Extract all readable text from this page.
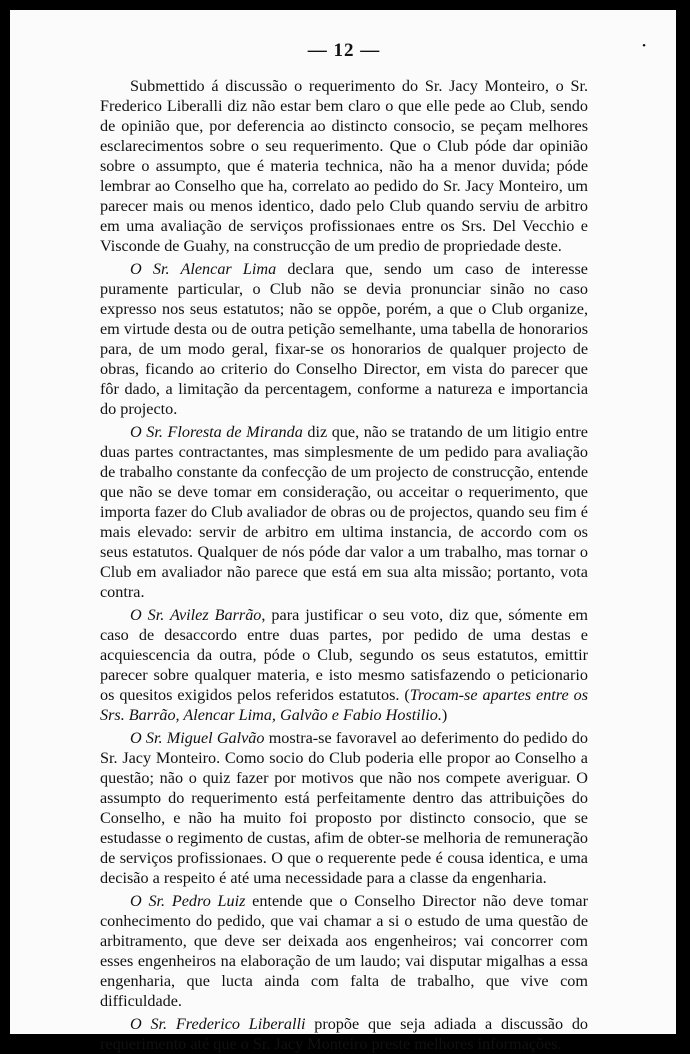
— 12 —	•

Submettido á discussão o requerimento do Sr. Jacy Monteiro, o Sr. Frederico Liberalli diz não estar bem claro o que elle pede ao Club, sendo de opinião que, por deferencia ao distincto consocio, se peçam melhores esclarecimentos sobre o seu requerimento. Que o Club póde dar opinião sobre o assumpto, que é materia technica, não ha a menor duvida; póde lembrar ao Conselho que ha, correlato ao pedido do Sr. Jacy Monteiro, um parecer mais ou menos identico, dado pelo Club quando serviu de arbitro em uma avaliação de serviços profissionaes entre os Srs. Del Vecchio e Visconde de Guahy, na construcção de um predio de propriedade deste.

O Sr. Alencar Lima declara que, sendo um caso de interesse puramente particular, o Club não se devia pronunciar sinão no caso expresso nos seus estatutos; não se oppõe, porém, a que o Club organize, em virtude desta ou de outra petição semelhante, uma tabella de honorarios para, de um modo geral, fixar-se os honorarios de qualquer projecto de obras, ficando ao criterio do Conselho Director, em vista do parecer que fôr dado, a limitação da percentagem, conforme a natureza e importancia do projecto.

O Sr. Floresta de Miranda diz que, não se tratando de um litigio entre duas partes contractantes, mas simplesmente de um pedido para avaliação de trabalho constante da confecção de um projecto de construcção, entende que não se deve tomar em consideração, ou acceitar o requerimento, que importa fazer do Club avaliador de obras ou de projectos, quando seu fim é mais elevado: servir de arbitro em ultima instancia, de accordo com os seus estatutos. Qualquer de nós póde dar valor a um trabalho, mas tornar o Club em avaliador não parece que está em sua alta missão; portanto, vota contra.

O Sr. Avilez Barrão, para justificar o seu voto, diz que, sómente em caso de desaccordo entre duas partes, por pedido de uma destas e acquiescencia da outra, póde o Club, segundo os seus estatutos, emittir parecer sobre qualquer materia, e isto mesmo satisfazendo o peticionario os quesitos exigidos pelos referidos estatutos. (Trocam-se apartes entre os Srs. Barrão, Alencar Lima, Galvão e Fabio Hostilio.)

O Sr. Miguel Galvão mostra-se favoravel ao deferimento do pedido do Sr. Jacy Monteiro. Como socio do Club poderia elle propor ao Conselho a questão; não o quiz fazer por motivos que não nos compete averiguar. O assumpto do requerimento está perfeitamente dentro das attribuições do Conselho, e não ha muito foi proposto por distincto consocio, que se estudasse o regimento de custas, afim de obter-se melhoria de remuneração de serviços profissionaes. O que o requerente pede é cousa identica, e uma decisão a respeito é até uma necessidade para a classe da engenharia.

O Sr. Pedro Luiz entende que o Conselho Director não deve tomar conhecimento do pedido, que vai chamar a si o estudo de uma questão de arbitramento, que deve ser deixada aos engenheiros; vai concorrer com esses engenheiros na elaboração de um laudo; vai disputar migalhas a essa engenharia, que lucta ainda com falta de trabalho, que vive com difficuldade.

O Sr. Frederico Liberalli propõe que seja adiada a discussão do requerimento até que o Sr. Jacy Monteiro preste melhores informações.
